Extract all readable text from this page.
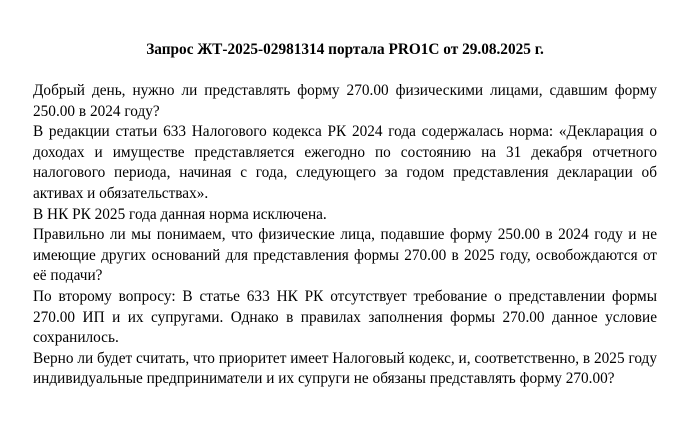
Запрос ЖТ-2025-02981314 портала PRO1C от 29.08.2025 г.

Добрый день, нужно ли представлять форму 270.00 физическими лицами, сдавшим форму 250.00 в 2024 году?

В редакции статьи 633 Налогового кодекса РК 2024 года содержалась норма: «Декларация о доходах и имуществе представляется ежегодно по состоянию на 31 декабря отчетного налогового периода, начиная с года, следующего за годом представления декларации об активах и обязательствах».

В НК РК 2025 года данная норма исключена.

Правильно ли мы понимаем, что физические лица, подавшие форму 250.00 в 2024 году и не имеющие других оснований для представления формы 270.00 в 2025 году, освобождаются от её подачи?

По второму вопросу: В статье 633 НК РК отсутствует требование о представлении формы 270.00 ИП и их супругами. Однако в правилах заполнения формы 270.00 данное условие сохранилось.

Верно ли будет считать, что приоритет имеет Налоговый кодекс, и, соответственно, в 2025 году индивидуальные предприниматели и их супруги не обязаны представлять форму 270.00?
